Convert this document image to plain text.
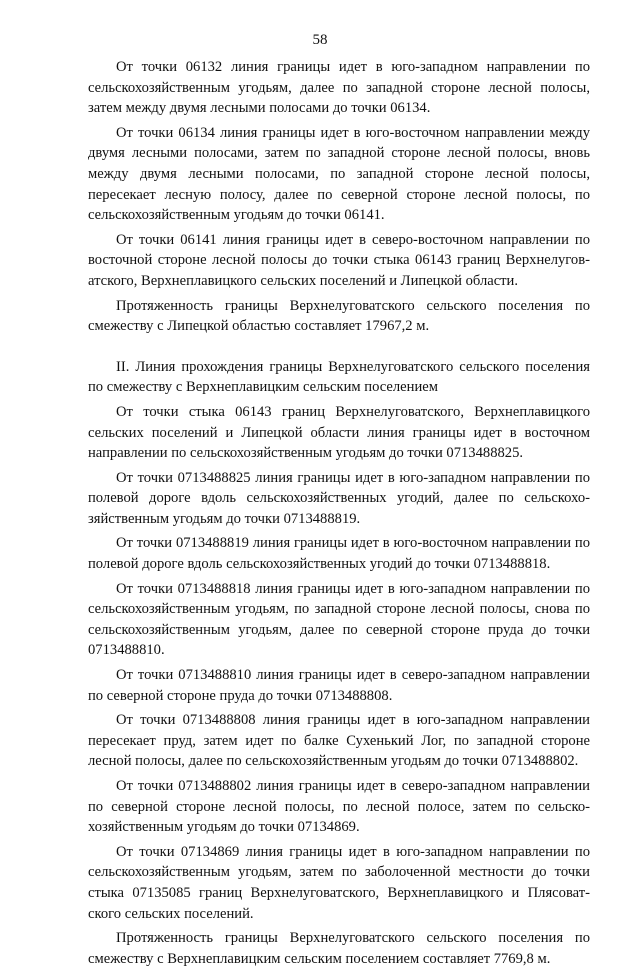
58

От точки 06132 линия границы идет в юго-западном направлении по сельскохозяйственным угодьям, далее по западной стороне лесной полосы, затем между двумя лесными полосами до точки 06134.

От точки 06134 линия границы идет в юго-восточном направлении между двумя лесными полосами, затем по западной стороне лесной полосы, вновь между двумя лесными полосами, по западной стороне лесной полосы, пересекает лесную полосу, далее по северной стороне лесной полосы, по сельскохозяйственным угодьям до точки 06141.

От точки 06141 линия границы идет в северо-восточном направлении по восточной стороне лесной полосы до точки стыка 06143 границ Верхнелуговатского, Верхнеплавицкого сельских поселений и Липецкой области.

Протяженность границы Верхнелуговатского сельского поселения по смежеству с Липецкой областью составляет 17967,2 м.

II. Линия прохождения границы Верхнелуговатского сельского поселения по смежеству с Верхнеплавицким сельским поселением

От точки стыка 06143 границ Верхнелуговатского, Верхнеплавицкого сельских поселений и Липецкой области линия границы идет в восточном направлении по сельскохозяйственным угодьям до точки 0713488825.

От точки 0713488825 линия границы идет в юго-западном направлении по полевой дороге вдоль сельскохозяйственных угодий, далее по сельскохозяйственным угодьям до точки 0713488819.

От точки 0713488819 линия границы идет в юго-восточном направлении по полевой дороге вдоль сельскохозяйственных угодий до точки 0713488818.

От точки 0713488818 линия границы идет в юго-западном направлении по сельскохозяйственным угодьям, по западной стороне лесной полосы, снова по сельскохозяйственным угодьям, далее по северной стороне пруда до точки 0713488810.

От точки 0713488810 линия границы идет в северо-западном направлении по северной стороне пруда до точки 0713488808.

От точки 0713488808 линия границы идет в юго-западном направлении пересекает пруд, затем идет по балке Сухенький Лог, по западной стороне лесной полосы, далее по сельскохозяйственным угодьям до точки 0713488802.

От точки 0713488802 линия границы идет в северо-западном направлении по северной стороне лесной полосы, по лесной полосе, затем по сельскохозяйственным угодьям до точки 07134869.

От точки 07134869 линия границы идет в юго-западном направлении по сельскохозяйственным угодьям, затем по заболоченной местности до точки стыка 07135085 границ Верхнелуговатского, Верхнеплавицкого и Плясоватского сельских поселений.

Протяженность границы Верхнелуговатского сельского поселения по смежеству с Верхнеплавицким сельским поселением составляет 7769,8 м.
